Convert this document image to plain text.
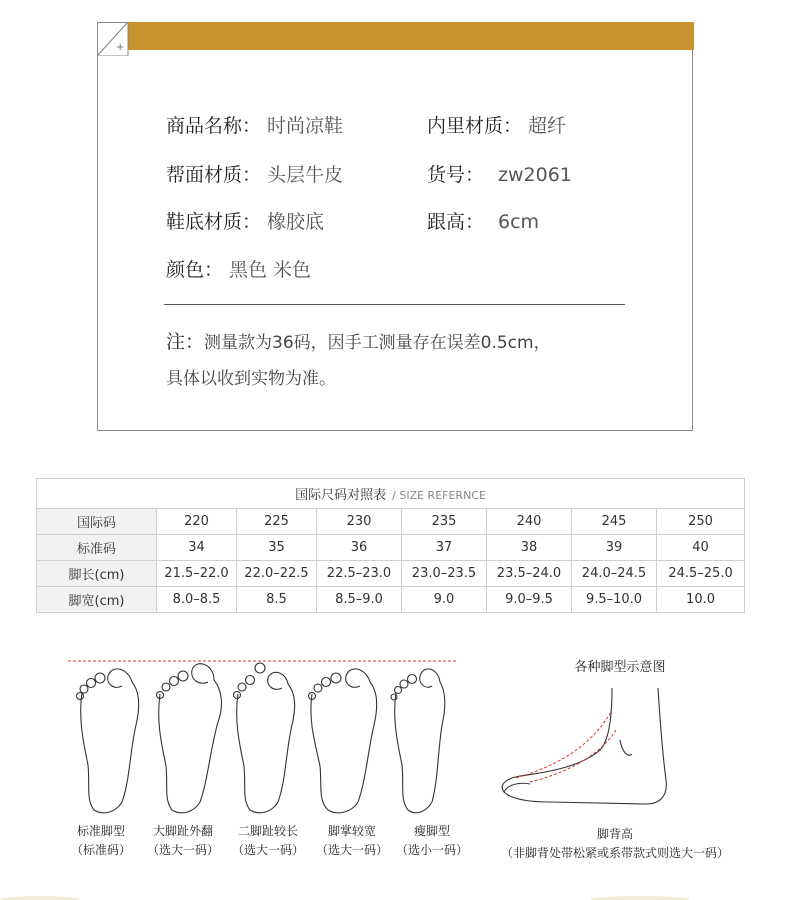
+
商品名称： 时尚凉鞋	内里材质： 超纤
帮面材质： 头层牛皮	货号： zw2061
鞋底材质： 橡胶底	跟高： 6cm
颜色： 黑色 米色
注：测量款为36码，因手工测量存在误差0.5cm，
具体以收到实物为准。
国际尺码对照表 / SIZE REFERNCE							
国际码	220	225	230	235	240	245	250
标准码	34	35	36	37	38	39	40
脚长(cm)	21.5–22.0	22.0–22.5	22.5–23.0	23.0–23.5	23.5–24.0	24.0–24.5	24.5–25.0
脚宽(cm)	8.0–8.5	8.5	8.5–9.0	9.0	9.0–9.5	9.5–10.0	10.0
标准脚型
（标准码）
大脚趾外翻
（选大一码）
二脚趾较长
（选大一码）
脚掌较宽
（选大一码）
瘦脚型
（选小一码）
各种脚型示意图
脚背高
（非脚背处带松紧或系带款式则选大一码）
